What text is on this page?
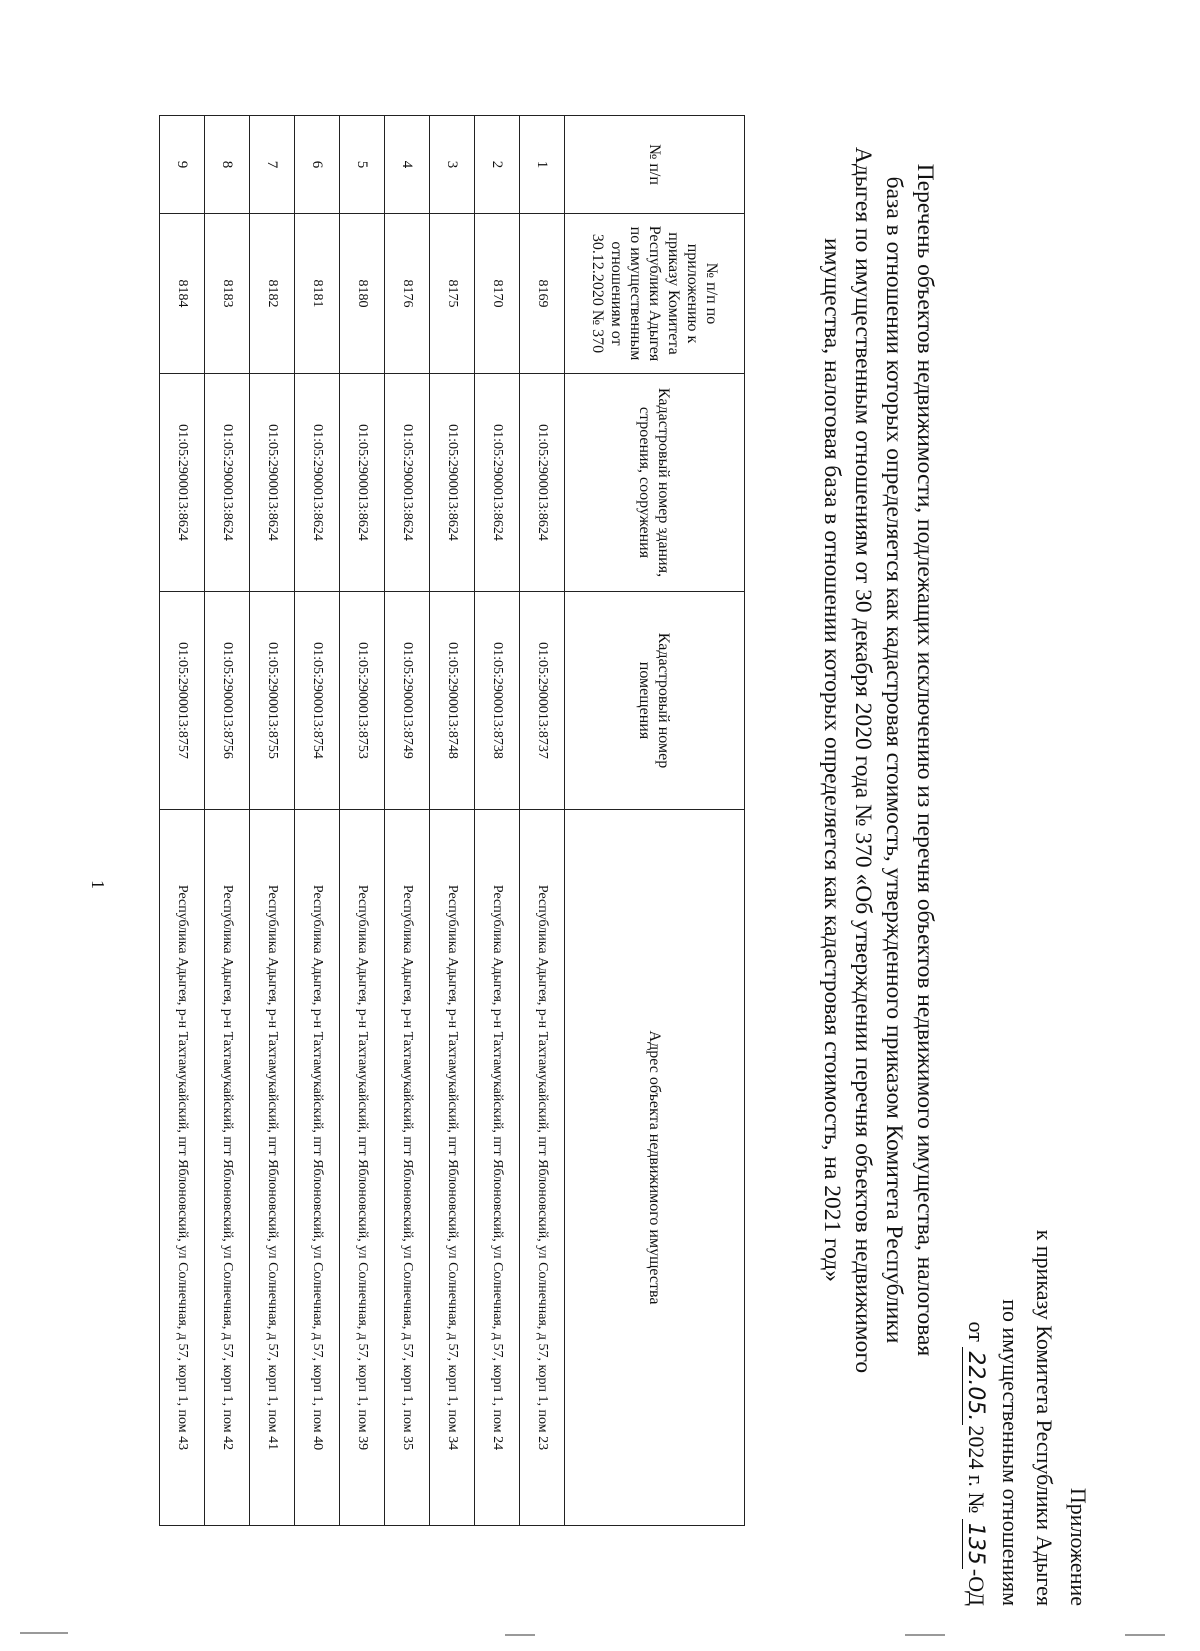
Приложение
к приказу Комитета Республики Адыгея
по имущественным отношениям
от 22.05.2024 г. № 135-ОД
Перечень объектов недвижимости, подлежащих исключению из перечня объектов недвижимого имущества, налоговая база в отношении которых определяется как кадастровая стоимость, утвержденного приказом Комитета Республики Адыгея по имущественным отношениям от 30 декабря 2020 года № 370 «Об утверждении перечня объектов недвижимого имущества, налоговая база в отношении которых определяется как кадастровая стоимость, на 2021 год»
№ п/п	№ п/п по приложению к приказу Комитета Республики Адыгея по имущественным отношениям от 30.12.2020 № 370	Кадастровый номер здания, строения, сооружения	Кадастровый номер помещения	Адрес объекта недвижимого имущества
1	8169	01:05:2900013:8624	01:05:2900013:8737	Республика Адыгея, р-н Тахтамукайский, пгт Яблоновский, ул Солнечная, д 57, корп 1, пом 23
2	8170	01:05:2900013:8624	01:05:2900013:8738	Республика Адыгея, р-н Тахтамукайский, пгт Яблоновский, ул Солнечная, д 57, корп 1, пом 24
3	8175	01:05:2900013:8624	01:05:2900013:8748	Республика Адыгея, р-н Тахтамукайский, пгт Яблоновский, ул Солнечная, д 57, корп 1, пом 34
4	8176	01:05:2900013:8624	01:05:2900013:8749	Республика Адыгея, р-н Тахтамукайский, пгт Яблоновский, ул Солнечная, д 57, корп 1, пом 35
5	8180	01:05:2900013:8624	01:05:2900013:8753	Республика Адыгея, р-н Тахтамукайский, пгт Яблоновский, ул Солнечная, д 57, корп 1, пом 39
6	8181	01:05:2900013:8624	01:05:2900013:8754	Республика Адыгея, р-н Тахтамукайский, пгт Яблоновский, ул Солнечная, д 57, корп 1, пом 40
7	8182	01:05:2900013:8624	01:05:2900013:8755	Республика Адыгея, р-н Тахтамукайский, пгт Яблоновский, ул Солнечная, д 57, корп 1, пом 41
8	8183	01:05:2900013:8624	01:05:2900013:8756	Республика Адыгея, р-н Тахтамукайский, пгт Яблоновский, ул Солнечная, д 57, корп 1, пом 42
9	8184	01:05:2900013:8624	01:05:2900013:8757	Республика Адыгея, р-н Тахтамукайский, пгт Яблоновский, ул Солнечная, д 57, корп 1, пом 43
1
